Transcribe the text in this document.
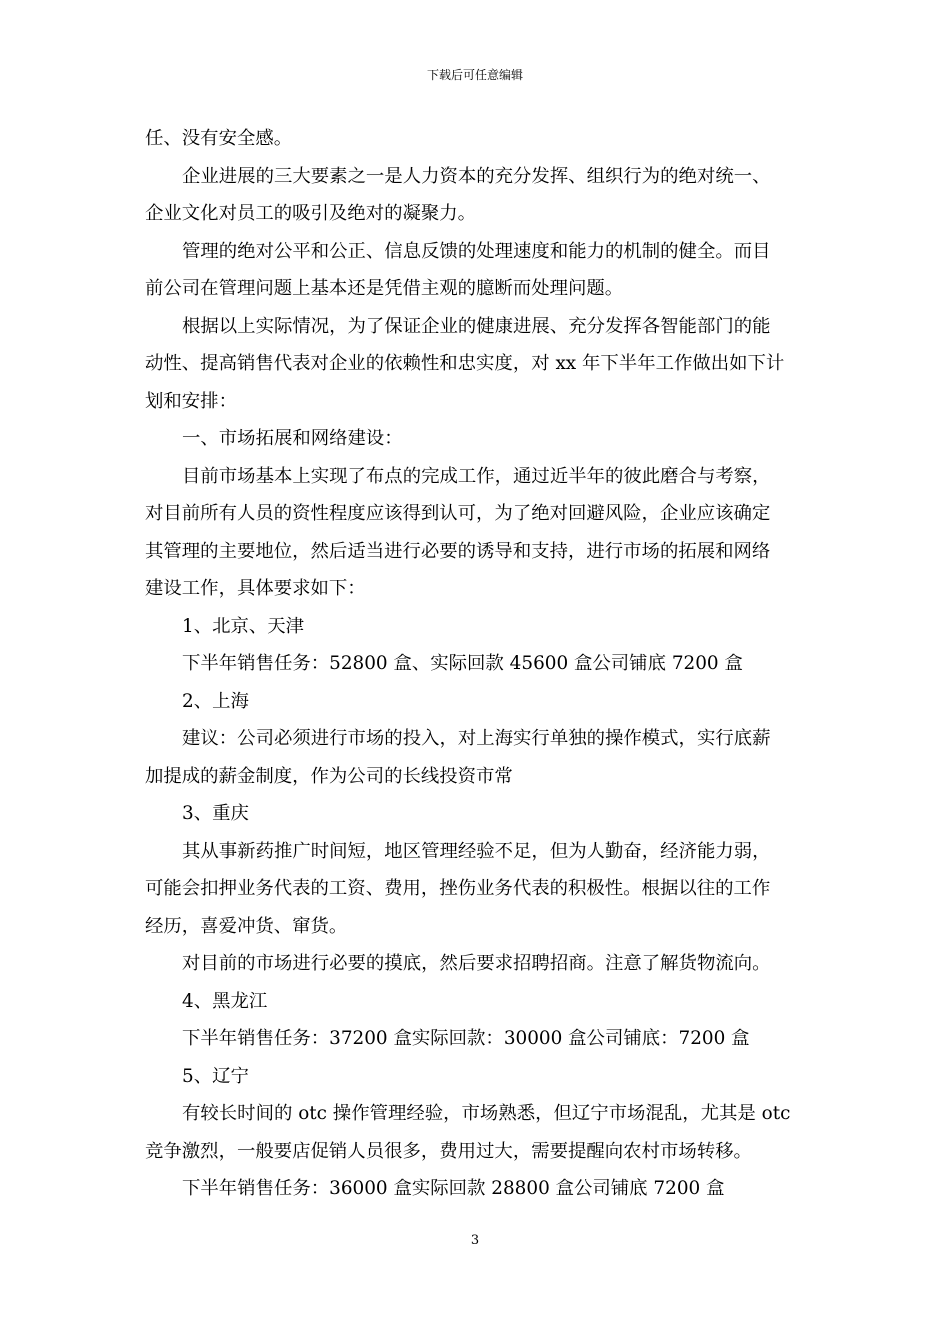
下载后可任意编辑
任、没有安全感。
企业进展的三大要素之一是人力资本的充分发挥、组织行为的绝对统一、
企业文化对员工的吸引及绝对的凝聚力。
管理的绝对公平和公正、信息反馈的处理速度和能力的机制的健全。而目
前公司在管理问题上基本还是凭借主观的臆断而处理问题。
根据以上实际情况，为了保证企业的健康进展、充分发挥各智能部门的能
动性、提高销售代表对企业的依赖性和忠实度，对 xx 年下半年工作做出如下计
划和安排：
一、市场拓展和网络建设：
目前市场基本上实现了布点的完成工作，通过近半年的彼此磨合与考察，
对目前所有人员的资性程度应该得到认可，为了绝对回避风险，企业应该确定
其管理的主要地位，然后适当进行必要的诱导和支持，进行市场的拓展和网络
建设工作，具体要求如下：
1、北京、天津
下半年销售任务：52800 盒、实际回款 45600 盒公司铺底 7200 盒
2、上海
建议：公司必须进行市场的投入，对上海实行单独的操作模式，实行底薪
加提成的薪金制度，作为公司的长线投资市常
3、重庆
其从事新药推广时间短，地区管理经验不足，但为人勤奋，经济能力弱，
可能会扣押业务代表的工资、费用，挫伤业务代表的积极性。根据以往的工作
经历，喜爱冲货、窜货。
对目前的市场进行必要的摸底，然后要求招聘招商。注意了解货物流向。
4、黑龙江
下半年销售任务：37200 盒实际回款：30000 盒公司铺底：7200 盒
5、辽宁
有较长时间的 otc 操作管理经验，市场熟悉，但辽宁市场混乱，尤其是 otc
竞争激烈，一般要店促销人员很多，费用过大，需要提醒向农村市场转移。
下半年销售任务：36000 盒实际回款 28800 盒公司铺底 7200 盒
3
